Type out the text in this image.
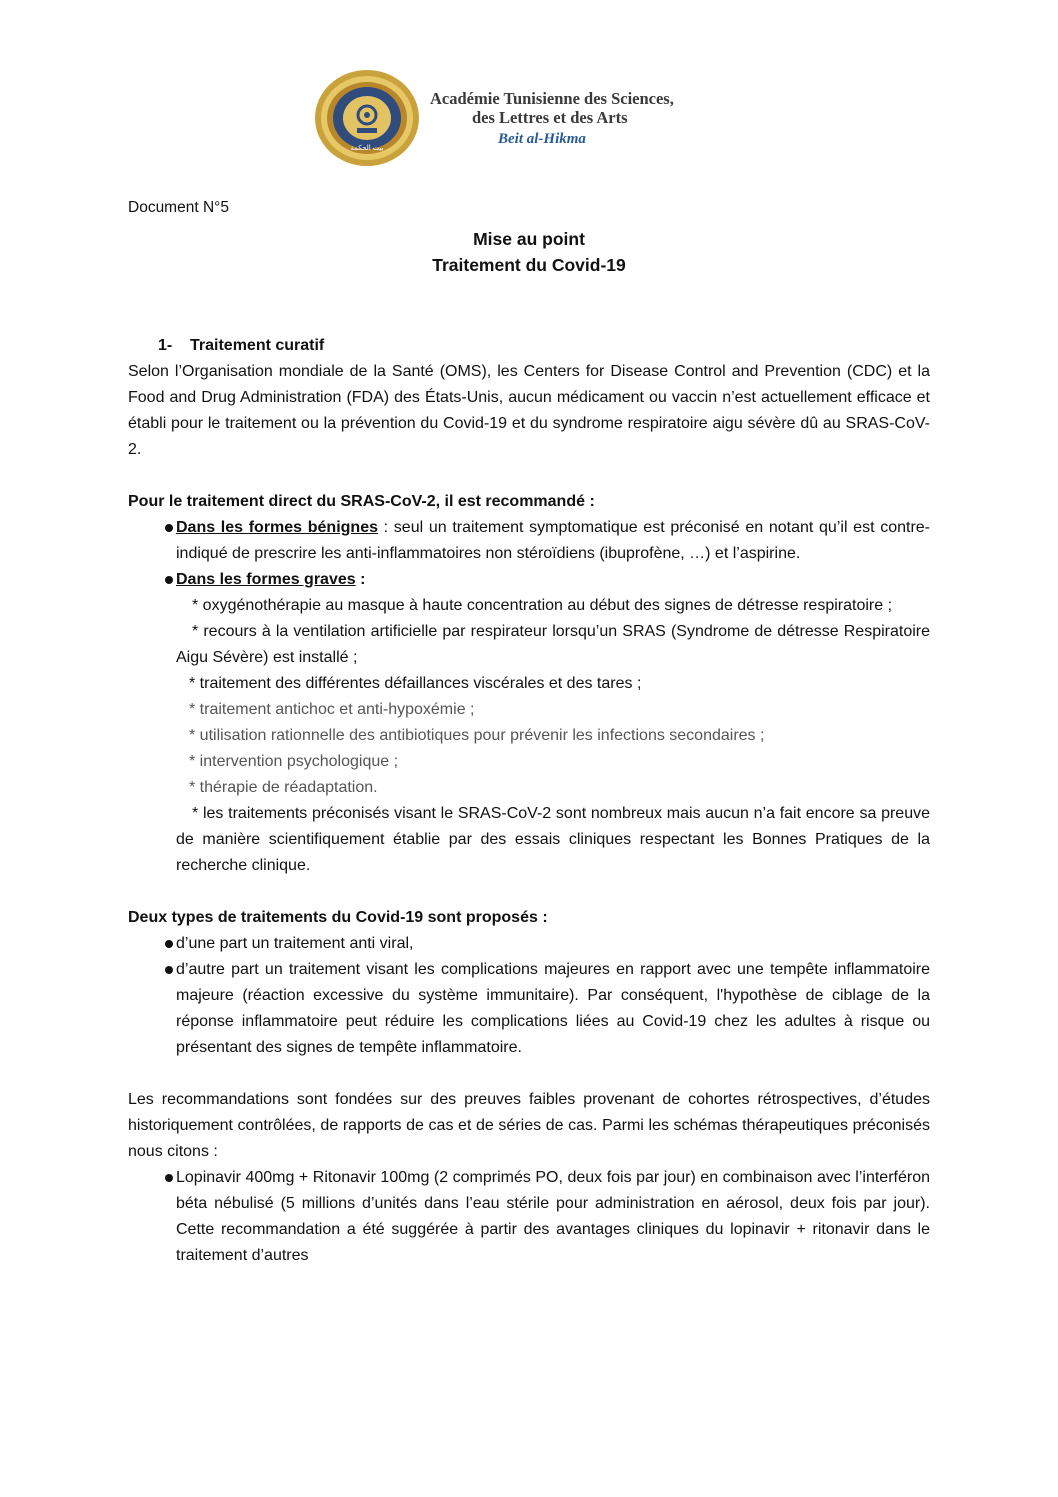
بيت الحكمة
Académie Tunisienne des Sciences,
des Lettres et des Arts
Beit al-Hikma
Document N°5
Mise au point
Traitement du Covid-19

1- Traitement curatif

Selon l’Organisation mondiale de la Santé (OMS), les Centers for Disease Control and Prevention (CDC) et la Food and Drug Administration (FDA) des États-Unis, aucun médicament ou vaccin n’est actuellement efficace et établi pour le traitement ou la prévention du Covid-19 et du syndrome respiratoire aigu sévère dû au SRAS-CoV-2.

Pour le traitement direct du SRAS-CoV-2, il est recommandé :

Dans les formes bénignes : seul un traitement symptomatique est préconisé en notant qu’il est contre-indiqué de prescrire les anti-inflammatoires non stéroïdiens (ibuprofène, …) et l’aspirine.

Dans les formes graves :

* oxygénothérapie au masque à haute concentration au début des signes de détresse respiratoire ;

* recours à la ventilation artificielle par respirateur lorsqu’un SRAS (Syndrome de détresse Respiratoire Aigu Sévère) est installé ;

* traitement des différentes défaillances viscérales et des tares ;

* traitement antichoc et anti-hypoxémie ;

* utilisation rationnelle des antibiotiques pour prévenir les infections secondaires ;

* intervention psychologique ;

* thérapie de réadaptation.

* les traitements préconisés visant le SRAS-CoV-2 sont nombreux mais aucun n’a fait encore sa preuve de manière scientifiquement établie par des essais cliniques respectant les Bonnes Pratiques de la recherche clinique.

Deux types de traitements du Covid-19 sont proposés :

d’une part un traitement anti viral,

d’autre part un traitement visant les complications majeures en rapport avec une tempête inflammatoire majeure (réaction excessive du système immunitaire). Par conséquent, l'hypothèse de ciblage de la réponse inflammatoire peut réduire les complications liées au Covid-19 chez les adultes à risque ou présentant des signes de tempête inflammatoire.

Les recommandations sont fondées sur des preuves faibles provenant de cohortes rétrospectives, d’études historiquement contrôlées, de rapports de cas et de séries de cas. Parmi les schémas thérapeutiques préconisés nous citons :

Lopinavir 400mg + Ritonavir 100mg (2 comprimés PO, deux fois par jour) en combinaison avec l’interféron béta nébulisé (5 millions d’unités dans l’eau stérile pour administration en aérosol, deux fois par jour). Cette recommandation a été suggérée à partir des avantages cliniques du lopinavir + ritonavir dans le traitement d’autres
